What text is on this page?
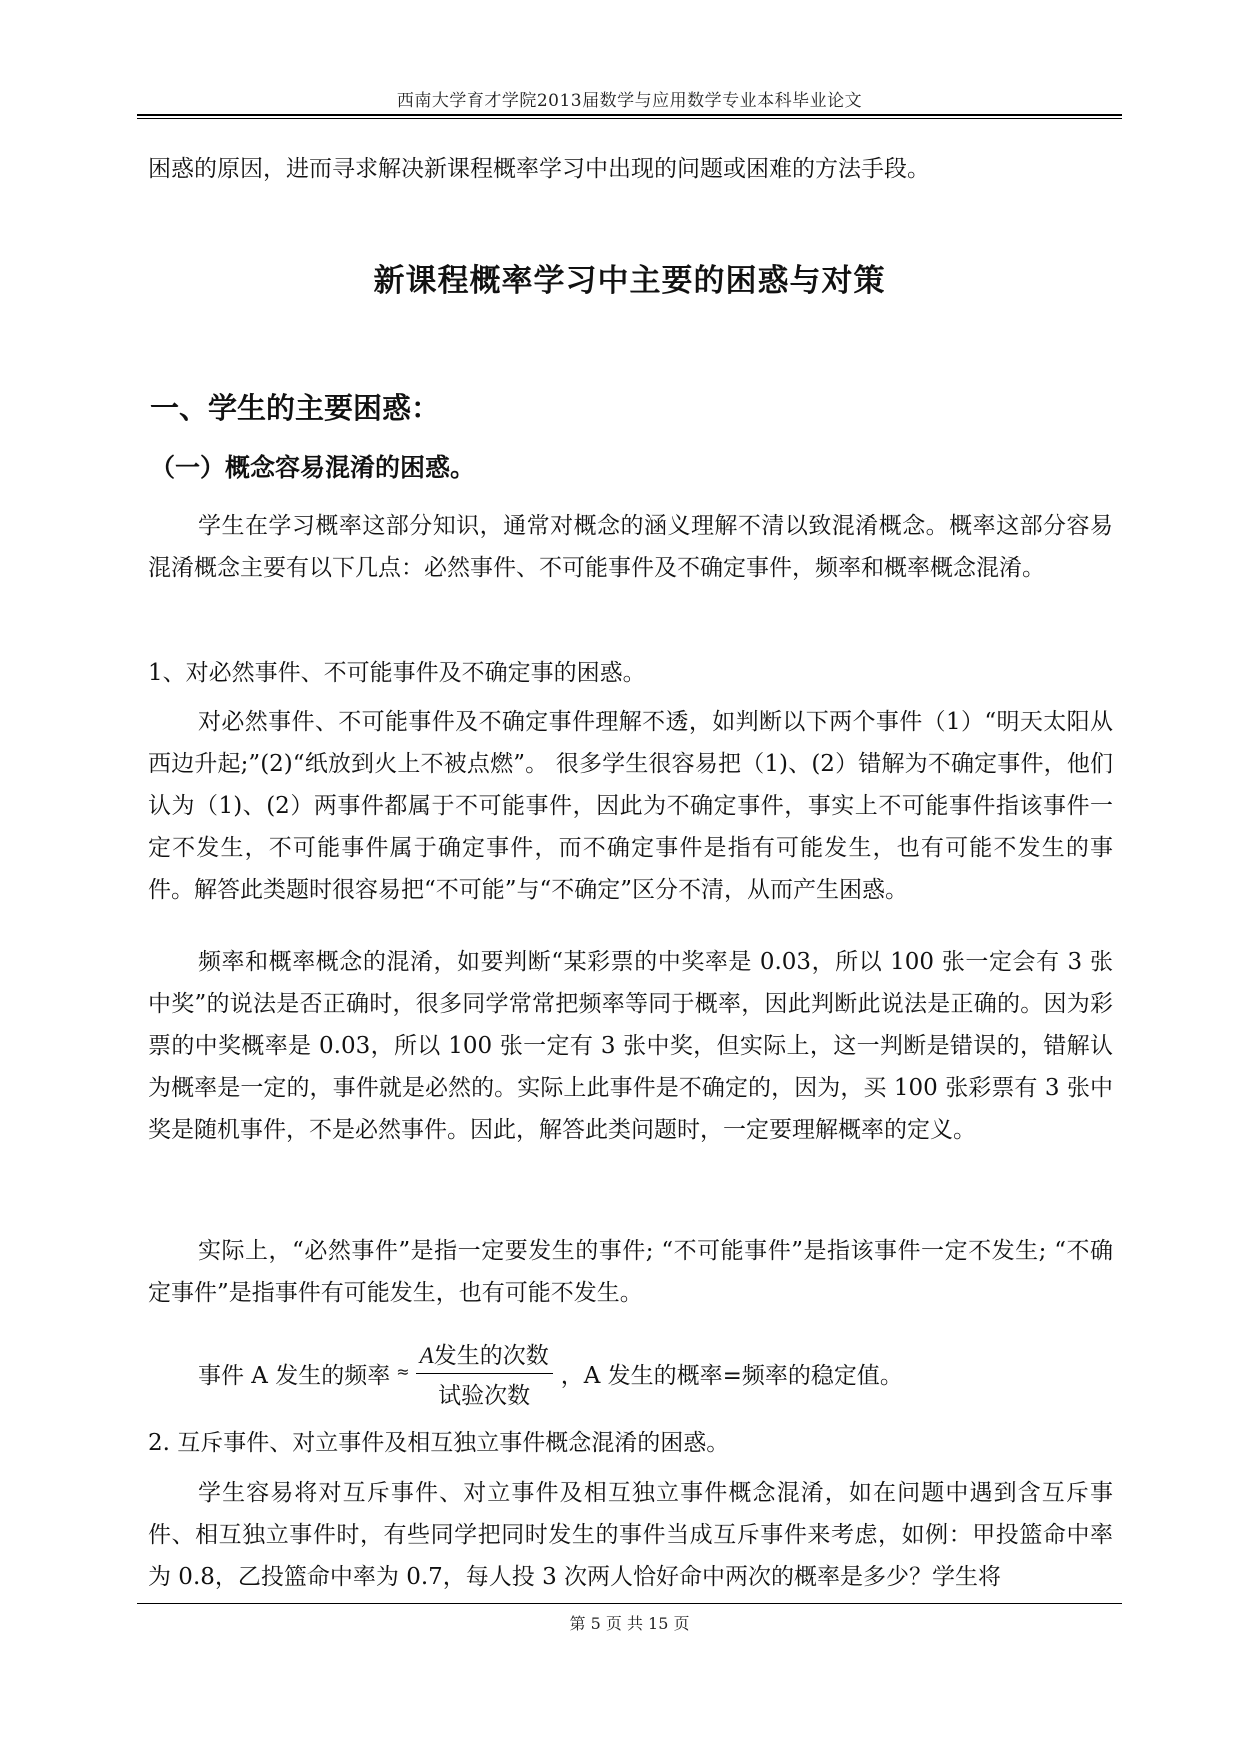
西南大学育才学院2013届数学与应用数学专业本科毕业论文

困惑的原因，进而寻求解决新课程概率学习中出现的问题或困难的方法手段。

新课程概率学习中主要的困惑与对策
一、学生的主要困惑：
（一）概念容易混淆的困惑。

学生在学习概率这部分知识，通常对概念的涵义理解不清以致混淆概念。概率这部分容易混淆概念主要有以下几点：必然事件、不可能事件及不确定事件，频率和概率概念混淆。

1、对必然事件、不可能事件及不确定事的困惑。

对必然事件、不可能事件及不确定事件理解不透，如判断以下两个事件（1）“明天太阳从西边升起;”(2)“纸放到火上不被点燃”。 很多学生很容易把（1)、(2）错解为不确定事件，他们认为（1)、(2）两事件都属于不可能事件，因此为不确定事件，事实上不可能事件指该事件一定不发生，不可能事件属于确定事件，而不确定事件是指有可能发生，也有可能不发生的事件。解答此类题时很容易把“不可能”与“不确定”区分不清，从而产生困惑。

频率和概率概念的混淆，如要判断“某彩票的中奖率是 0.03，所以 100 张一定会有 3 张中奖”的说法是否正确时，很多同学常常把频率等同于概率，因此判断此说法是正确的。因为彩票的中奖概率是 0.03，所以 100 张一定有 3 张中奖，但实际上，这一判断是错误的，错解认为概率是一定的，事件就是必然的。实际上此事件是不确定的，因为，买 100 张彩票有 3 张中奖是随机事件，不是必然事件。因此，解答此类问题时，一定要理解概率的定义。

实际上，“必然事件”是指一定要发生的事件; “不可能事件”是指该事件一定不发生; “不确定事件”是指事件有可能发生，也有可能不发生。

事件 A 发生的频率 ≈ $\frac{\text{A发生的次数}}{\text{试验次数}}$ ，A 发生的概率=频率的稳定值。

2. 互斥事件、对立事件及相互独立事件概念混淆的困惑。

学生容易将对互斥事件、对立事件及相互独立事件概念混淆，如在问题中遇到含互斥事件、相互独立事件时，有些同学把同时发生的事件当成互斥事件来考虑，如例：甲投篮命中率为 0.8，乙投篮命中率为 0.7，每人投 3 次两人恰好命中两次的概率是多少？学生将

第 5 页 共 15 页
